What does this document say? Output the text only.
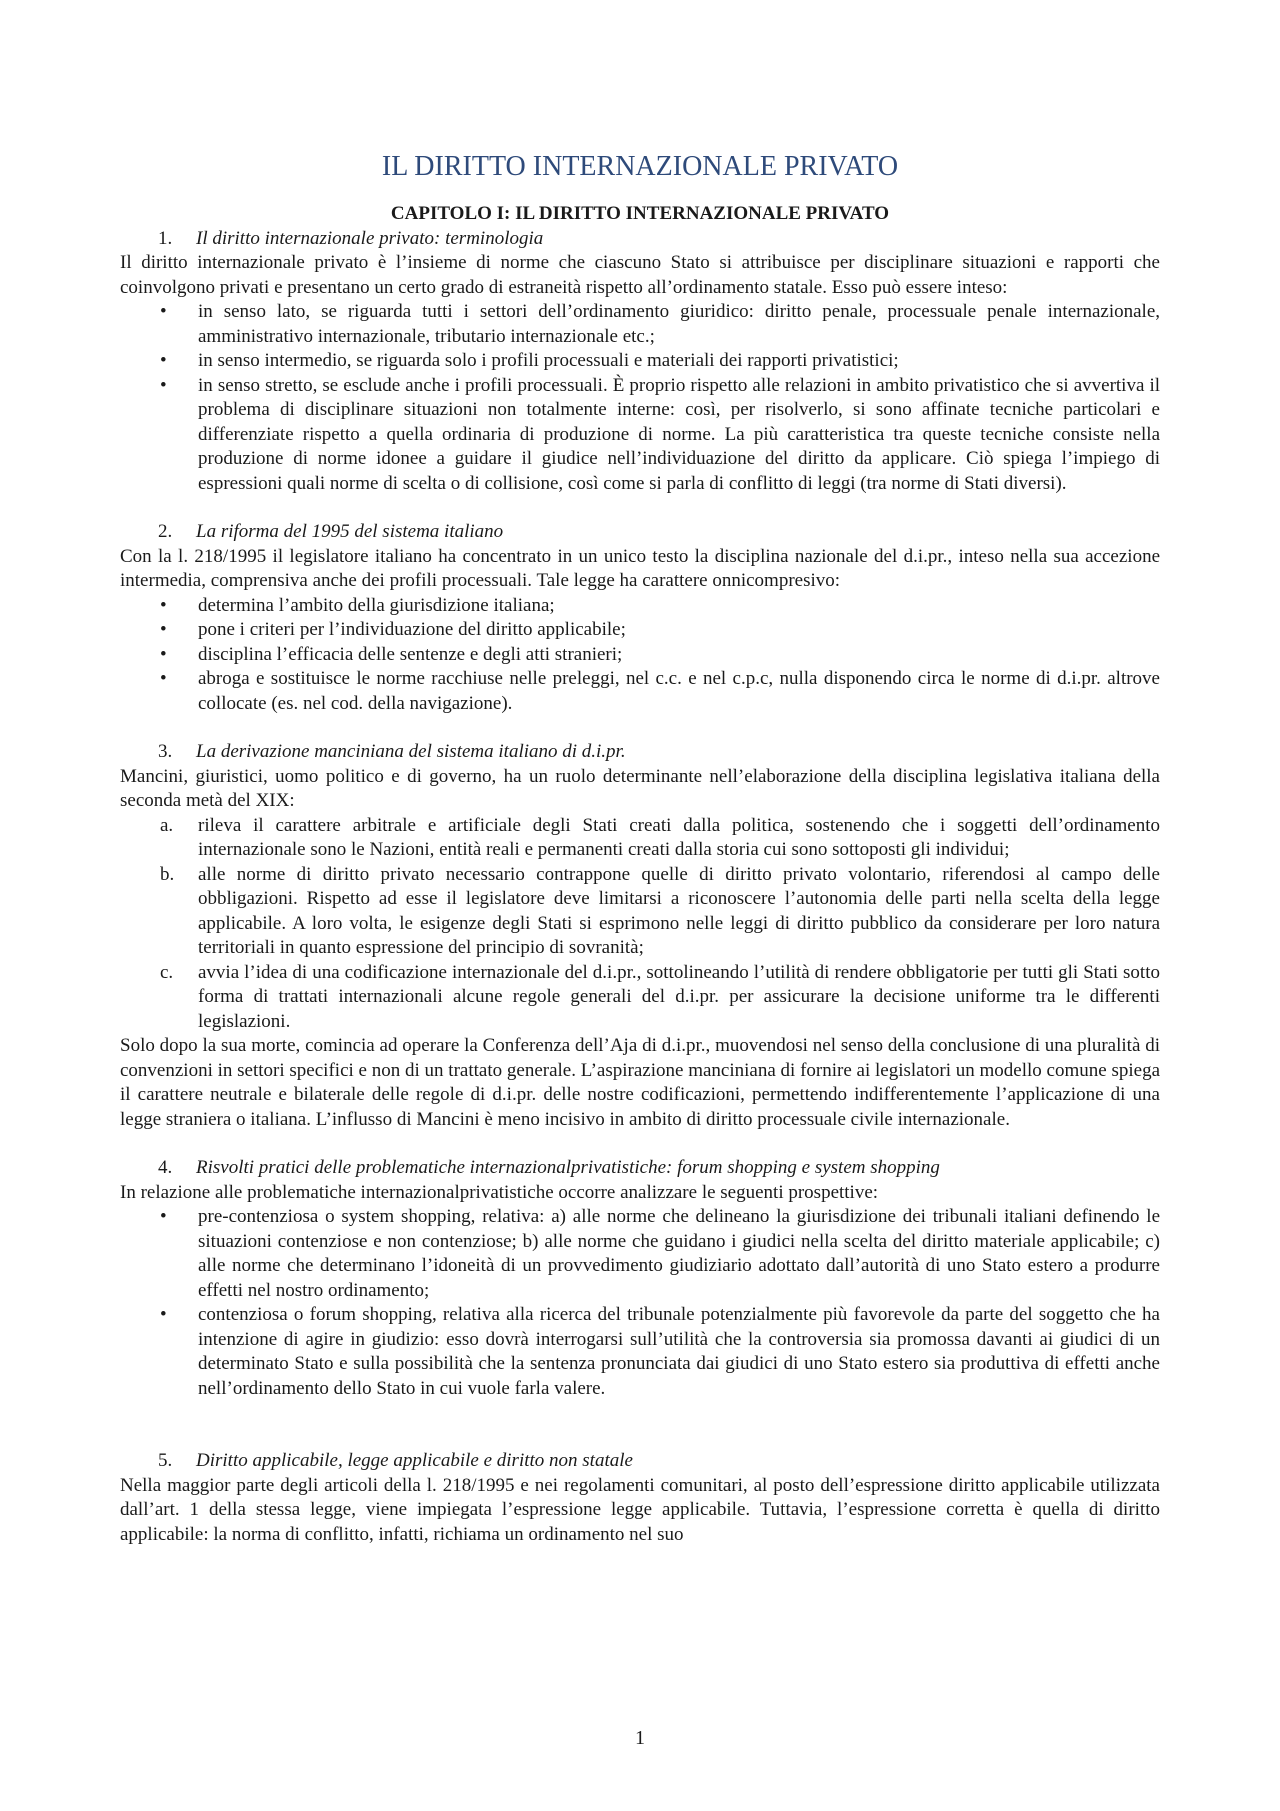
IL DIRITTO INTERNAZIONALE PRIVATO

CAPITOLO I: IL DIRITTO INTERNAZIONALE PRIVATO

1. Il diritto internazionale privato: terminologia

Il diritto internazionale privato è l’insieme di norme che ciascuno Stato si attribuisce per disciplinare situazioni e rapporti che coinvolgono privati e presentano un certo grado di estraneità rispetto all’ordinamento statale. Esso può essere inteso:

• in senso lato, se riguarda tutti i settori dell’ordinamento giuridico: diritto penale, processuale penale internazionale, amministrativo internazionale, tributario internazionale etc.;
• in senso intermedio, se riguarda solo i profili processuali e materiali dei rapporti privatistici;
• in senso stretto, se esclude anche i profili processuali. È proprio rispetto alle relazioni in ambito privatistico che si avvertiva il problema di disciplinare situazioni non totalmente interne: così, per risolverlo, si sono affinate tecniche particolari e differenziate rispetto a quella ordinaria di produzione di norme. La più caratteristica tra queste tecniche consiste nella produzione di norme idonee a guidare il giudice nell’individuazione del diritto da applicare. Ciò spiega l’impiego di espressioni quali norme di scelta o di collisione, così come si parla di conflitto di leggi (tra norme di Stati diversi).
2. La riforma del 1995 del sistema italiano

Con la l. 218/1995 il legislatore italiano ha concentrato in un unico testo la disciplina nazionale del d.i.pr., inteso nella sua accezione intermedia, comprensiva anche dei profili processuali. Tale legge ha carattere onnicompresivo:

• determina l’ambito della giurisdizione italiana;
• pone i criteri per l’individuazione del diritto applicabile;
• disciplina l’efficacia delle sentenze e degli atti stranieri;
• abroga e sostituisce le norme racchiuse nelle preleggi, nel c.c. e nel c.p.c, nulla disponendo circa le norme di d.i.pr. altrove collocate (es. nel cod. della navigazione).
3. La derivazione manciniana del sistema italiano di d.i.pr.

Mancini, giuristici, uomo politico e di governo, ha un ruolo determinante nell’elaborazione della disciplina legislativa italiana della seconda metà del XIX:

a. rileva il carattere arbitrale e artificiale degli Stati creati dalla politica, sostenendo che i soggetti dell’ordinamento internazionale sono le Nazioni, entità reali e permanenti creati dalla storia cui sono sottoposti gli individui;
b. alle norme di diritto privato necessario contrappone quelle di diritto privato volontario, riferendosi al campo delle obbligazioni. Rispetto ad esse il legislatore deve limitarsi a riconoscere l’autonomia delle parti nella scelta della legge applicabile. A loro volta, le esigenze degli Stati si esprimono nelle leggi di diritto pubblico da considerare per loro natura territoriali in quanto espressione del principio di sovranità;
c. avvia l’idea di una codificazione internazionale del d.i.pr., sottolineando l’utilità di rendere obbligatorie per tutti gli Stati sotto forma di trattati internazionali alcune regole generali del d.i.pr. per assicurare la decisione uniforme tra le differenti legislazioni.

Solo dopo la sua morte, comincia ad operare la Conferenza dell’Aja di d.i.pr., muovendosi nel senso della conclusione di una pluralità di convenzioni in settori specifici e non di un trattato generale. L’aspirazione manciniana di fornire ai legislatori un modello comune spiega il carattere neutrale e bilaterale delle regole di d.i.pr. delle nostre codificazioni, permettendo indifferentemente l’applicazione di una legge straniera o italiana. L’influsso di Mancini è meno incisivo in ambito di diritto processuale civile internazionale.

4. Risvolti pratici delle problematiche internazionalprivatistiche: forum shopping e system shopping

In relazione alle problematiche internazionalprivatistiche occorre analizzare le seguenti prospettive:

• pre-contenziosa o system shopping, relativa: a) alle norme che delineano la giurisdizione dei tribunali italiani definendo le situazioni contenziose e non contenziose; b) alle norme che guidano i giudici nella scelta del diritto materiale applicabile; c) alle norme che determinano l’idoneità di un provvedimento giudiziario adottato dall’autorità di uno Stato estero a produrre effetti nel nostro ordinamento;
• contenziosa o forum shopping, relativa alla ricerca del tribunale potenzialmente più favorevole da parte del soggetto che ha intenzione di agire in giudizio: esso dovrà interrogarsi sull’utilità che la controversia sia promossa davanti ai giudici di un determinato Stato e sulla possibilità che la sentenza pronunciata dai giudici di uno Stato estero sia produttiva di effetti anche nell’ordinamento dello Stato in cui vuole farla valere.
5. Diritto applicabile, legge applicabile e diritto non statale

Nella maggior parte degli articoli della l. 218/1995 e nei regolamenti comunitari, al posto dell’espressione diritto applicabile utilizzata dall’art. 1 della stessa legge, viene impiegata l’espressione legge applicabile. Tuttavia, l’espressione corretta è quella di diritto applicabile: la norma di conflitto, infatti, richiama un ordinamento nel suo

1
